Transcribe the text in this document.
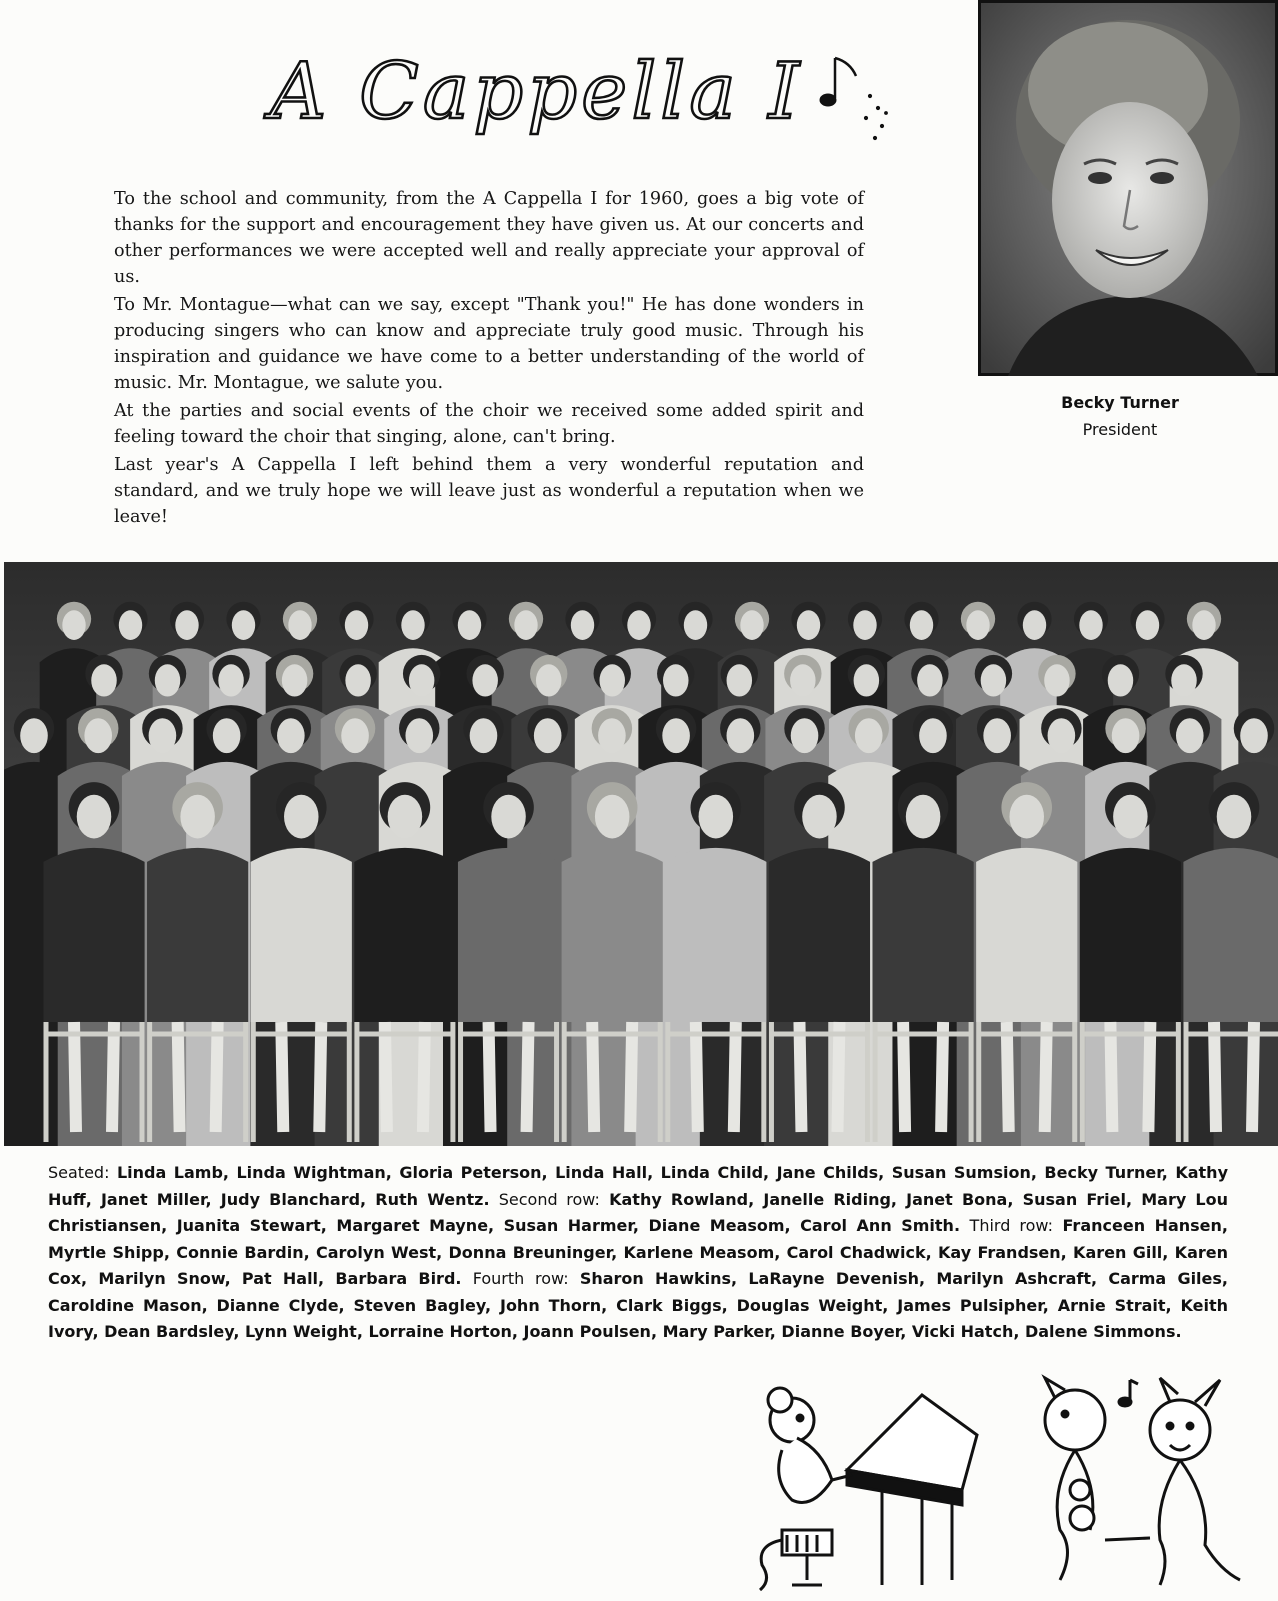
A Cappella I

To the school and community, from the A Cappella I for 1960, goes a big vote of thanks for the support and encouragement they have given us. At our concerts and other performances we were accepted well and really appreciate your approval of us.

To Mr. Montague—what can we say, except "Thank you!" He has done wonders in producing singers who can know and appreciate truly good music. Through his inspiration and guidance we have come to a better understanding of the world of music. Mr. Montague, we salute you.

At the parties and social events of the choir we received some added spirit and feeling toward the choir that singing, alone, can't bring.

Last year's A Cappella I left behind them a very wonderful reputation and standard, and we truly hope we will leave just as wonderful a reputation when we leave!

Becky Turner
President
Seated: Linda Lamb, Linda Wightman, Gloria Peterson, Linda Hall, Linda Child, Jane Childs, Susan Sumsion, Becky Turner, Kathy Huff, Janet Miller, Judy Blanchard, Ruth Wentz. Second row: Kathy Rowland, Janelle Riding, Janet Bona, Susan Friel, Mary Lou Christiansen, Juanita Stewart, Margaret Mayne, Susan Harmer, Diane Measom, Carol Ann Smith. Third row: Franceen Hansen, Myrtle Shipp, Connie Bardin, Carolyn West, Donna Breuninger, Karlene Measom, Carol Chadwick, Kay Frandsen, Karen Gill, Karen Cox, Marilyn Snow, Pat Hall, Barbara Bird. Fourth row: Sharon Hawkins, LaRayne Devenish, Marilyn Ashcraft, Carma Giles, Caroldine Mason, Dianne Clyde, Steven Bagley, John Thorn, Clark Biggs, Douglas Weight, James Pulsipher, Arnie Strait, Keith Ivory, Dean Bardsley, Lynn Weight, Lorraine Horton, Joann Poulsen, Mary Parker, Dianne Boyer, Vicki Hatch, Dalene Simmons.
